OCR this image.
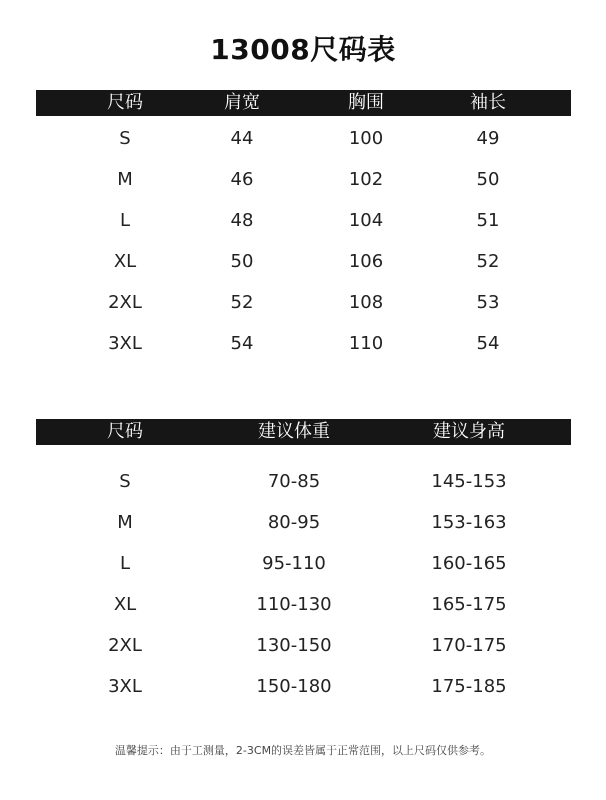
13008尺码表
尺码	肩宽	胸围	袖长
S	44	100	49
M	46	102	50
L	48	104	51
XL	50	106	52
2XL	52	108	53
3XL	54	110	54
尺码	建议体重	建议身高
S	70-85	145-153
M	80-95	153-163
L	95-110	160-165
XL	110-130	165-175
2XL	130-150	170-175
3XL	150-180	175-185
温馨提示：由于工测量，2-3CM的误差皆属于正常范围，以上尺码仅供参考。
